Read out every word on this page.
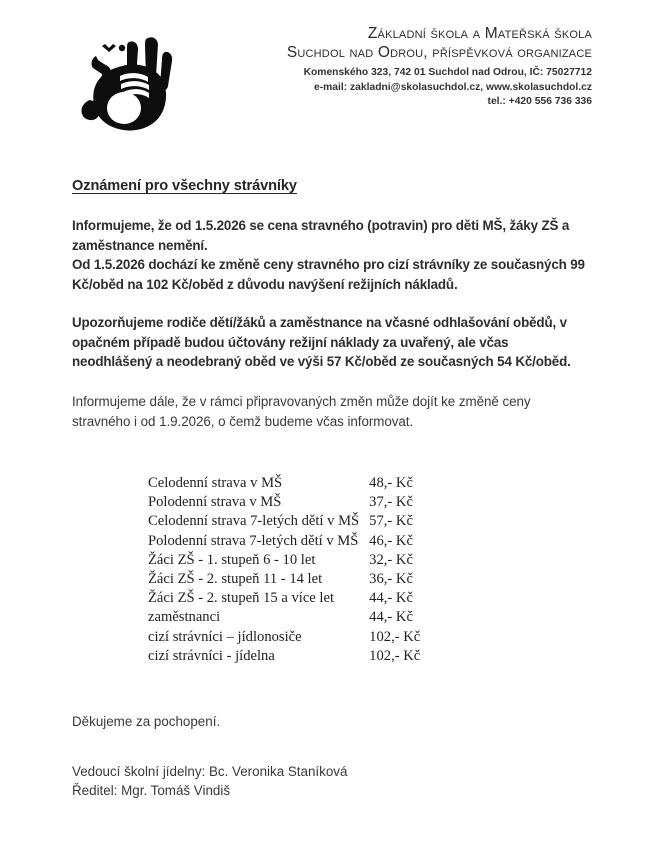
Základní škola a Mateřská škola
Suchdol nad Odrou, příspěvková organizace
Komenského 323, 742 01 Suchdol nad Odrou, IČ: 75027712
e-mail: zakladni@skolasuchdol.cz, www.skolasuchdol.cz
tel.: +420 556 736 336
Oznámení pro všechny strávníky

Informujeme, že od 1.5.2026 se cena stravného (potravin) pro děti MŠ, žáky ZŠ a zaměstnance nemění.

Od 1.5.2026 dochází ke změně ceny stravného pro cizí strávníky ze současných 99 Kč/oběd na 102 Kč/oběd z důvodu navýšení režijních nákladů.

Upozorňujeme rodiče dětí/žáků a zaměstnance na včasné odhlašování obědů, v opačném případě budou účtovány režijní náklady za uvařený, ale včas neodhlášený a neodebraný oběd ve výši 57 Kč/oběd ze současných 54 Kč/oběd.

Informujeme dále, že v rámci připravovaných změn může dojít ke změně ceny stravného i od 1.9.2026, o čemž budeme včas informovat.

Celodenní strava v MŠ	48,- Kč
Polodenní strava v MŠ	37,- Kč
Celodenní strava 7-letých dětí v MŠ	57,- Kč
Polodenní strava 7-letých dětí v MŠ	46,- Kč
Žáci ZŠ - 1. stupeň 6 - 10 let	32,- Kč
Žáci ZŠ - 2. stupeň 11 - 14 let	36,- Kč
Žáci ZŠ - 2. stupeň 15 a více let	44,- Kč
zaměstnanci	44,- Kč
cizí strávníci – jídlonosiče	102,- Kč
cizí strávníci - jídelna	102,- Kč

Děkujeme za pochopení.

Vedoucí školní jídelny: Bc. Veronika Staníková

Ředitel: Mgr. Tomáš Vindiš
